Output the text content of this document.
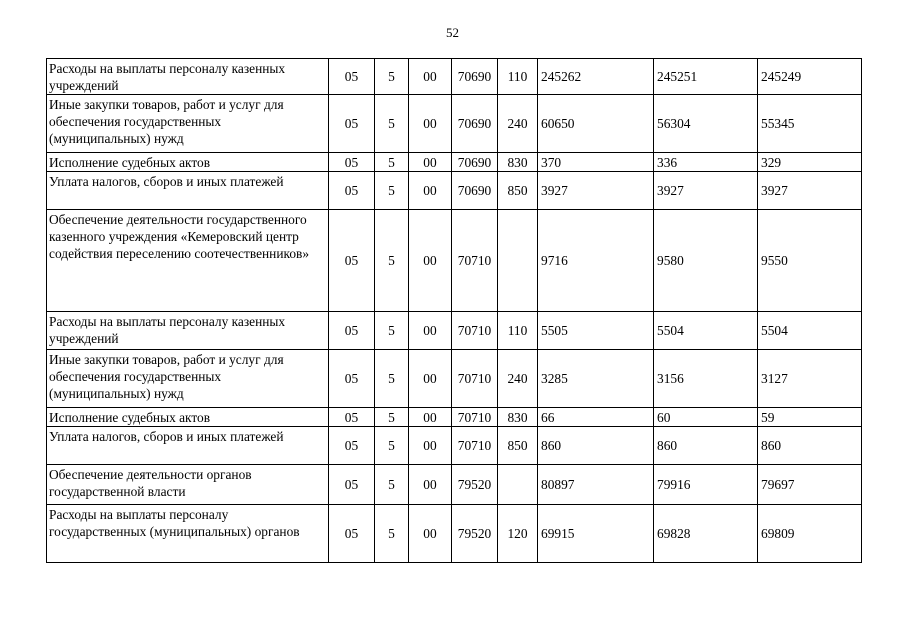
52
Расходы на выплаты персоналу казенных учреждений	05	5	00	70690	110	245262	245251	245249
Иные закупки товаров, работ и услуг для обеспечения государственных (муниципальных) нужд	05	5	00	70690	240	60650	56304	55345
Исполнение судебных актов	05	5	00	70690	830	370	336	329
Уплата налогов, сборов и иных платежей	05	5	00	70690	850	3927	3927	3927
Обеспечение деятельности государственного казенного учреждения «Кемеровский центр содействия переселению соотечественников»	05	5	00	70710		9716	9580	9550
Расходы на выплаты персоналу казенных учреждений	05	5	00	70710	110	5505	5504	5504
Иные закупки товаров, работ и услуг для обеспечения государственных (муниципальных) нужд	05	5	00	70710	240	3285	3156	3127
Исполнение судебных актов	05	5	00	70710	830	66	60	59
Уплата налогов, сборов и иных платежей	05	5	00	70710	850	860	860	860
Обеспечение деятельности органов государственной власти	05	5	00	79520		80897	79916	79697
Расходы на выплаты персоналу государственных (муниципальных) органов	05	5	00	79520	120	69915	69828	69809
